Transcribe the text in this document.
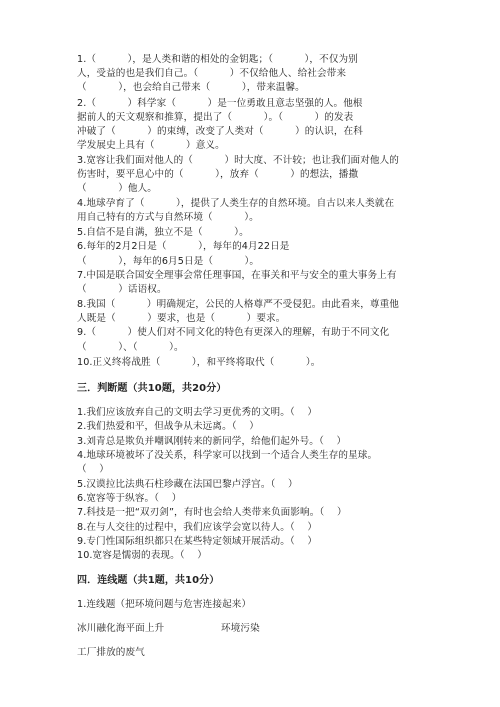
1.（          ），是人类和谐的相处的金钥匙；（          ），不仅为别
人，受益的也是我们自己。（          ）不仅给他人、给社会带来
（          ），也会给自己带来（          ），带来温馨。
2.（          ）科学家（          ）是一位勇敢且意志坚强的人。他根
据前人的天文观察和推算，提出了（          ）。（          ）的发表
冲破了（          ）的束缚，改变了人类对（          ）的认识，在科
学发展史上具有（          ）意义。
3.宽容让我们面对他人的（          ）时大度、不计较；也让我们面对他人的
伤害时，要平息心中的（          ），放弃（          ）的想法，播撒
（          ）他人。
4.地球孕育了（          ），提供了人类生存的自然环境。自古以来人类就在
用自己特有的方式与自然环境（          ）。
5.自信不是自满，独立不是（          ）。
6.每年的2月2日是（          ），每年的4月22日是
（          ），每年的6月5日是（          ）。
7.中国是联合国安全理事会常任理事国，在事关和平与安全的重大事务上有
（          ）话语权。
8.我国（          ）明确规定，公民的人格尊严不受侵犯。由此看来，尊重他
人既是（          ）要求，也是（          ）要求。
9.（          ）使人们对不同文化的特色有更深入的理解，有助于不同文化
（          ）、（          ）。
10.正义终将战胜（          ），和平终将取代（          ）。
三．判断题（共10题，共20分）
1.我们应该放弃自己的文明去学习更优秀的文明。（    ）
2.我们热爱和平，但战争从未远离。（    ）
3.刘青总是欺负并嘲讽刚转来的新同学，给他们起外号。（    ）
4.地球环境被坏了没关系，科学家可以找到一个适合人类生存的星球。
（    ）
5.汉谟拉比法典石柱珍藏在法国巴黎卢浮宫。（    ）
6.宽容等于纵容。（    ）
7.科技是一把“双刃剑”，有时也会给人类带来负面影响。（    ）
8.在与人交往的过程中，我们应该学会宽以待人。（    ）
9.专门性国际组织都只在某些特定领域开展活动。（    ）
10.宽容是懦弱的表现。（    ）
四．连线题（共1题，共10分）
1.连线题（把环境问题与危害连接起来）
冰川融化海平面上升	环境污染
工厂排放的废气
